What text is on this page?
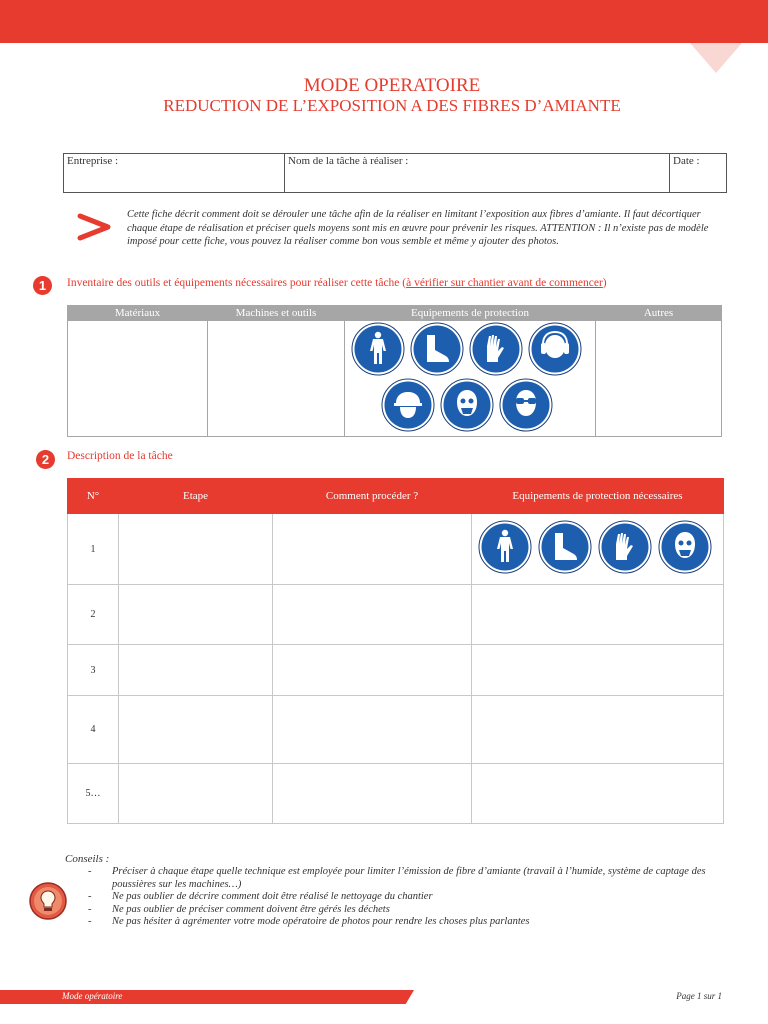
MODE OPERATOIRE
REDUCTION DE L’EXPOSITION A DES FIBRES D’AMIANTE
Entreprise :	Nom de la tâche à réaliser :	Date :
Cette fiche décrit comment doit se dérouler une tâche afin de la réaliser en limitant l’exposition aux fibres d’amiante. Il faut décortiquer chaque étape de réalisation et préciser quels moyens sont mis en œuvre pour prévenir les risques. ATTENTION : Il n’existe pas de modèle imposé pour cette fiche, vous pouvez la réaliser comme bon vous semble et même y ajouter des photos.
1	Inventaire des outils et équipements nécessaires pour réaliser cette tâche (à vérifier sur chantier avant de commencer)
Matériaux	Machines et outils	Equipements de protection	Autres

2	Description de la tâche
N°	Etape	Comment procéder ?	Equipements de protection nécessaires
1			

2			
3			
4			
5…			
Conseils :
- Préciser à chaque étape quelle technique est employée pour limiter l’émission de fibre d’amiante (travail à l’humide, système de captage des poussières sur les machines…)
- Ne pas oublier de décrire comment doit être réalisé le nettoyage du chantier
- Ne pas oublier de préciser comment doivent être gérés les déchets
- Ne pas hésiter à agrémenter votre mode opératoire de photos pour rendre les choses plus parlantes
Mode opératoire	Page 1 sur 1
